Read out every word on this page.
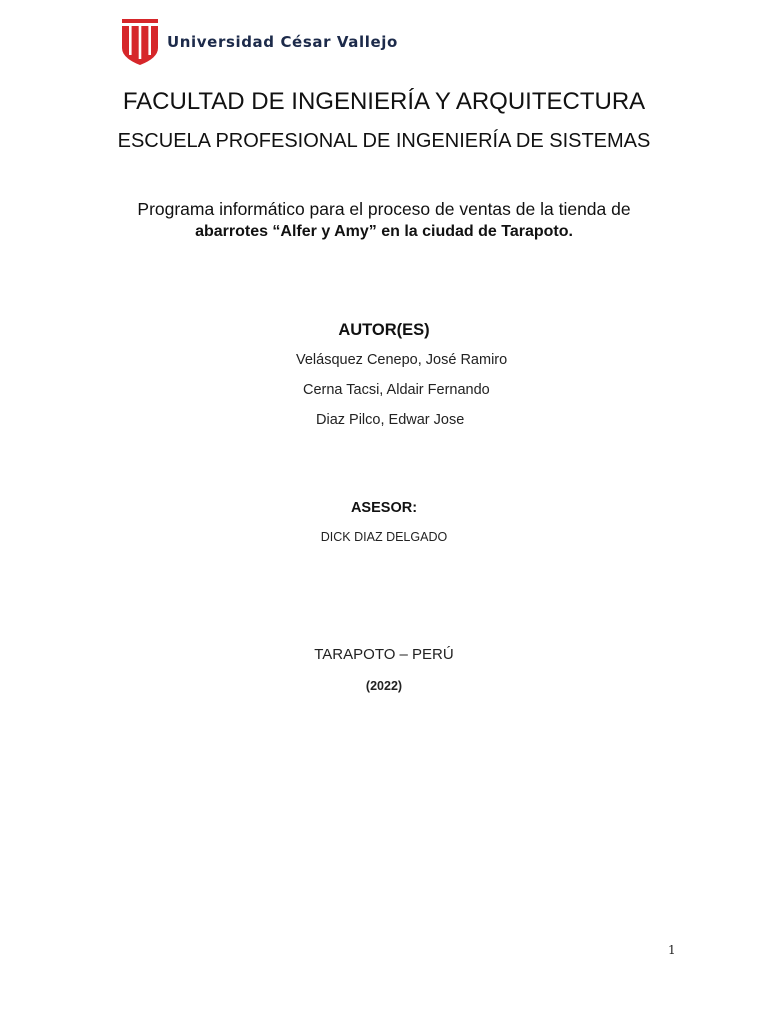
Universidad César Vallejo
FACULTAD DE INGENIERÍA Y ARQUITECTURA
ESCUELA PROFESIONAL DE INGENIERÍA DE SISTEMAS
Programa informático para el proceso de ventas de la tienda de
abarrotes “Alfer y Amy” en la ciudad de Tarapoto.
AUTOR(ES)
Velásquez Cenepo, José Ramiro
Cerna Tacsi, Aldair Fernando
Diaz Pilco, Edwar Jose
ASESOR:
DICK DIAZ DELGADO
TARAPOTO – PERÚ
(2022)
1
